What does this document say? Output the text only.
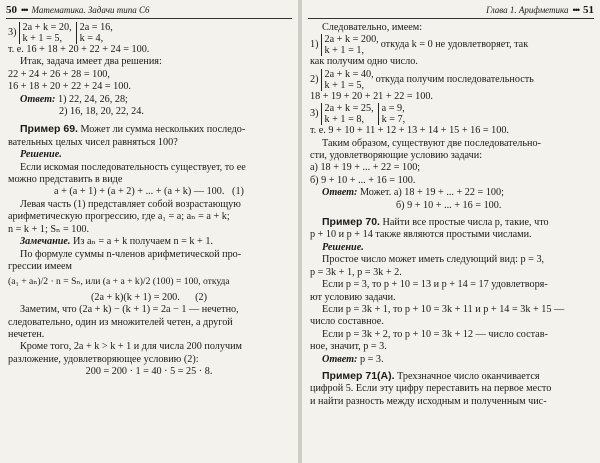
50 ••• Математика. Задачи типа С6
3) 2a + k = 20,
k + 1 = 5,
2a = 16,
k = 4,

т. е. 16 + 18 + 20 + 22 + 24 = 100.

Итак, задача имеет два решения:

22 + 24 + 26 + 28 = 100,

16 + 18 + 20 + 22 + 24 = 100.

Ответ: 1) 22, 24, 26, 28;

2) 16, 18, 20, 22, 24.

Пример 69. Может ли сумма нескольких последо-

вательных целых чисел равняться 100?

Решение.

Если искомая последовательность существует, то ее

можно представить в виде

a + (a + 1) + (a + 2) + ... + (a + k) — 100. (1)

Левая часть (1) представляет собой возрастающую

арифметическую прогрессию, где a₁ = a; aₙ = a + k;

n = k + 1; Sₙ = 100.

Замечание. Из aₙ = a + k получаем n = k + 1.

По формуле суммы n-членов арифметической про-

грессии имеем

(a₁ + aₙ)/2 · n = Sₙ, или (a + a + k)/2 (100) = 100, откуда

(2a + k)(k + 1) = 200. (2)

Заметим, что (2a + k) − (k + 1) = 2a − 1 — нечетно,

следовательно, один из множителей четен, а другой

нечетен.

Кроме того, 2a + k > k + 1 и для числа 200 получим

разложение, удовлетворяющее условию (2):

200 = 200 · 1 = 40 · 5 = 25 · 8.

Глава 1. Арифметика ••• 51

Следовательно, имеем:

1) 2a + k = 200,
k + 1 = 1,
откуда k = 0 не удовлетворяет, так

как получим одно число.

2) 2a + k = 40,
k + 1 = 5,
откуда получим последовательность

18 + 19 + 20 + 21 + 22 = 100.

3) 2a + k = 25,
k + 1 = 8,
a = 9,
k = 7,

т. е. 9 + 10 + 11 + 12 + 13 + 14 + 15 + 16 = 100.

Таким образом, существуют две последовательно-

сти, удовлетворяющие условию задачи:

а) 18 + 19 + ... + 22 = 100;

б) 9 + 10 + ... + 16 = 100.

Ответ: Может. а) 18 + 19 + ... + 22 = 100;

б) 9 + 10 + ... + 16 = 100.

Пример 70. Найти все простые числа p, такие, что

p + 10 и p + 14 также являются простыми числами.

Решение.

Простое число может иметь следующий вид: p = 3,

p = 3k + 1, p = 3k + 2.

Если p = 3, то p + 10 = 13 и p + 14 = 17 удовлетворя-

ют условию задачи.

Если p = 3k + 1, то p + 10 = 3k + 11 и p + 14 = 3k + 15 —

число составное.

Если p = 3k + 2, то p + 10 = 3k + 12 — число состав-

ное, значит, p = 3.

Ответ: p = 3.

Пример 71(А). Трехзначное число оканчивается

цифрой 5. Если эту цифру переставить на первое место

и найти разность между исходным и полученным чис-
